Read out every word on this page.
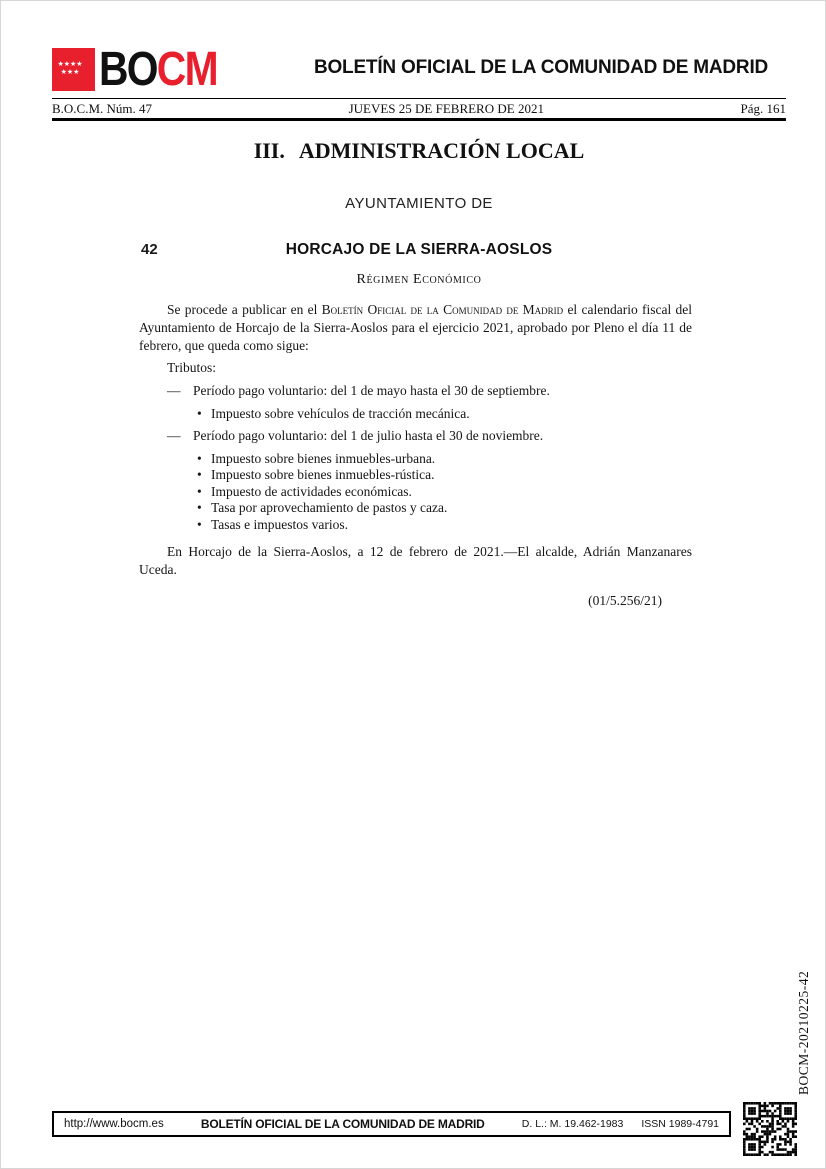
★★★★
★★★ BOCM	BOLETÍN OFICIAL DE LA COMUNIDAD DE MADRID
B.O.C.M. Núm. 47	JUEVES 25 DE FEBRERO DE 2021	Pág. 161
III. ADMINISTRACIÓN LOCAL
AYUNTAMIENTO DE
42	HORCAJO DE LA SIERRA-AOSLOS
Régimen Económico

Se procede a publicar en el Boletín Oficial de la Comunidad de Madrid el calendario fiscal del Ayuntamiento de Horcajo de la Sierra-Aoslos para el ejercicio 2021, aprobado por Pleno el día 11 de febrero, que queda como sigue:

Tributos:

— Período pago voluntario: del 1 de mayo hasta el 30 de septiembre.
• Impuesto sobre vehículos de tracción mecánica.
— Período pago voluntario: del 1 de julio hasta el 30 de noviembre.
• Impuesto sobre bienes inmuebles-urbana.
• Impuesto sobre bienes inmuebles-rústica.
• Impuesto de actividades económicas.
• Tasa por aprovechamiento de pastos y caza.
• Tasas e impuestos varios.

En Horcajo de la Sierra-Aoslos, a 12 de febrero de 2021.—El alcalde, Adrián Manzanares Uceda.

(01/5.256/21)
BOCM-20210225-42
http://www.bocm.es	BOLETÍN OFICIAL DE LA COMUNIDAD DE MADRID	D. L.: M. 19.462-1983 ISSN 1989-4791
